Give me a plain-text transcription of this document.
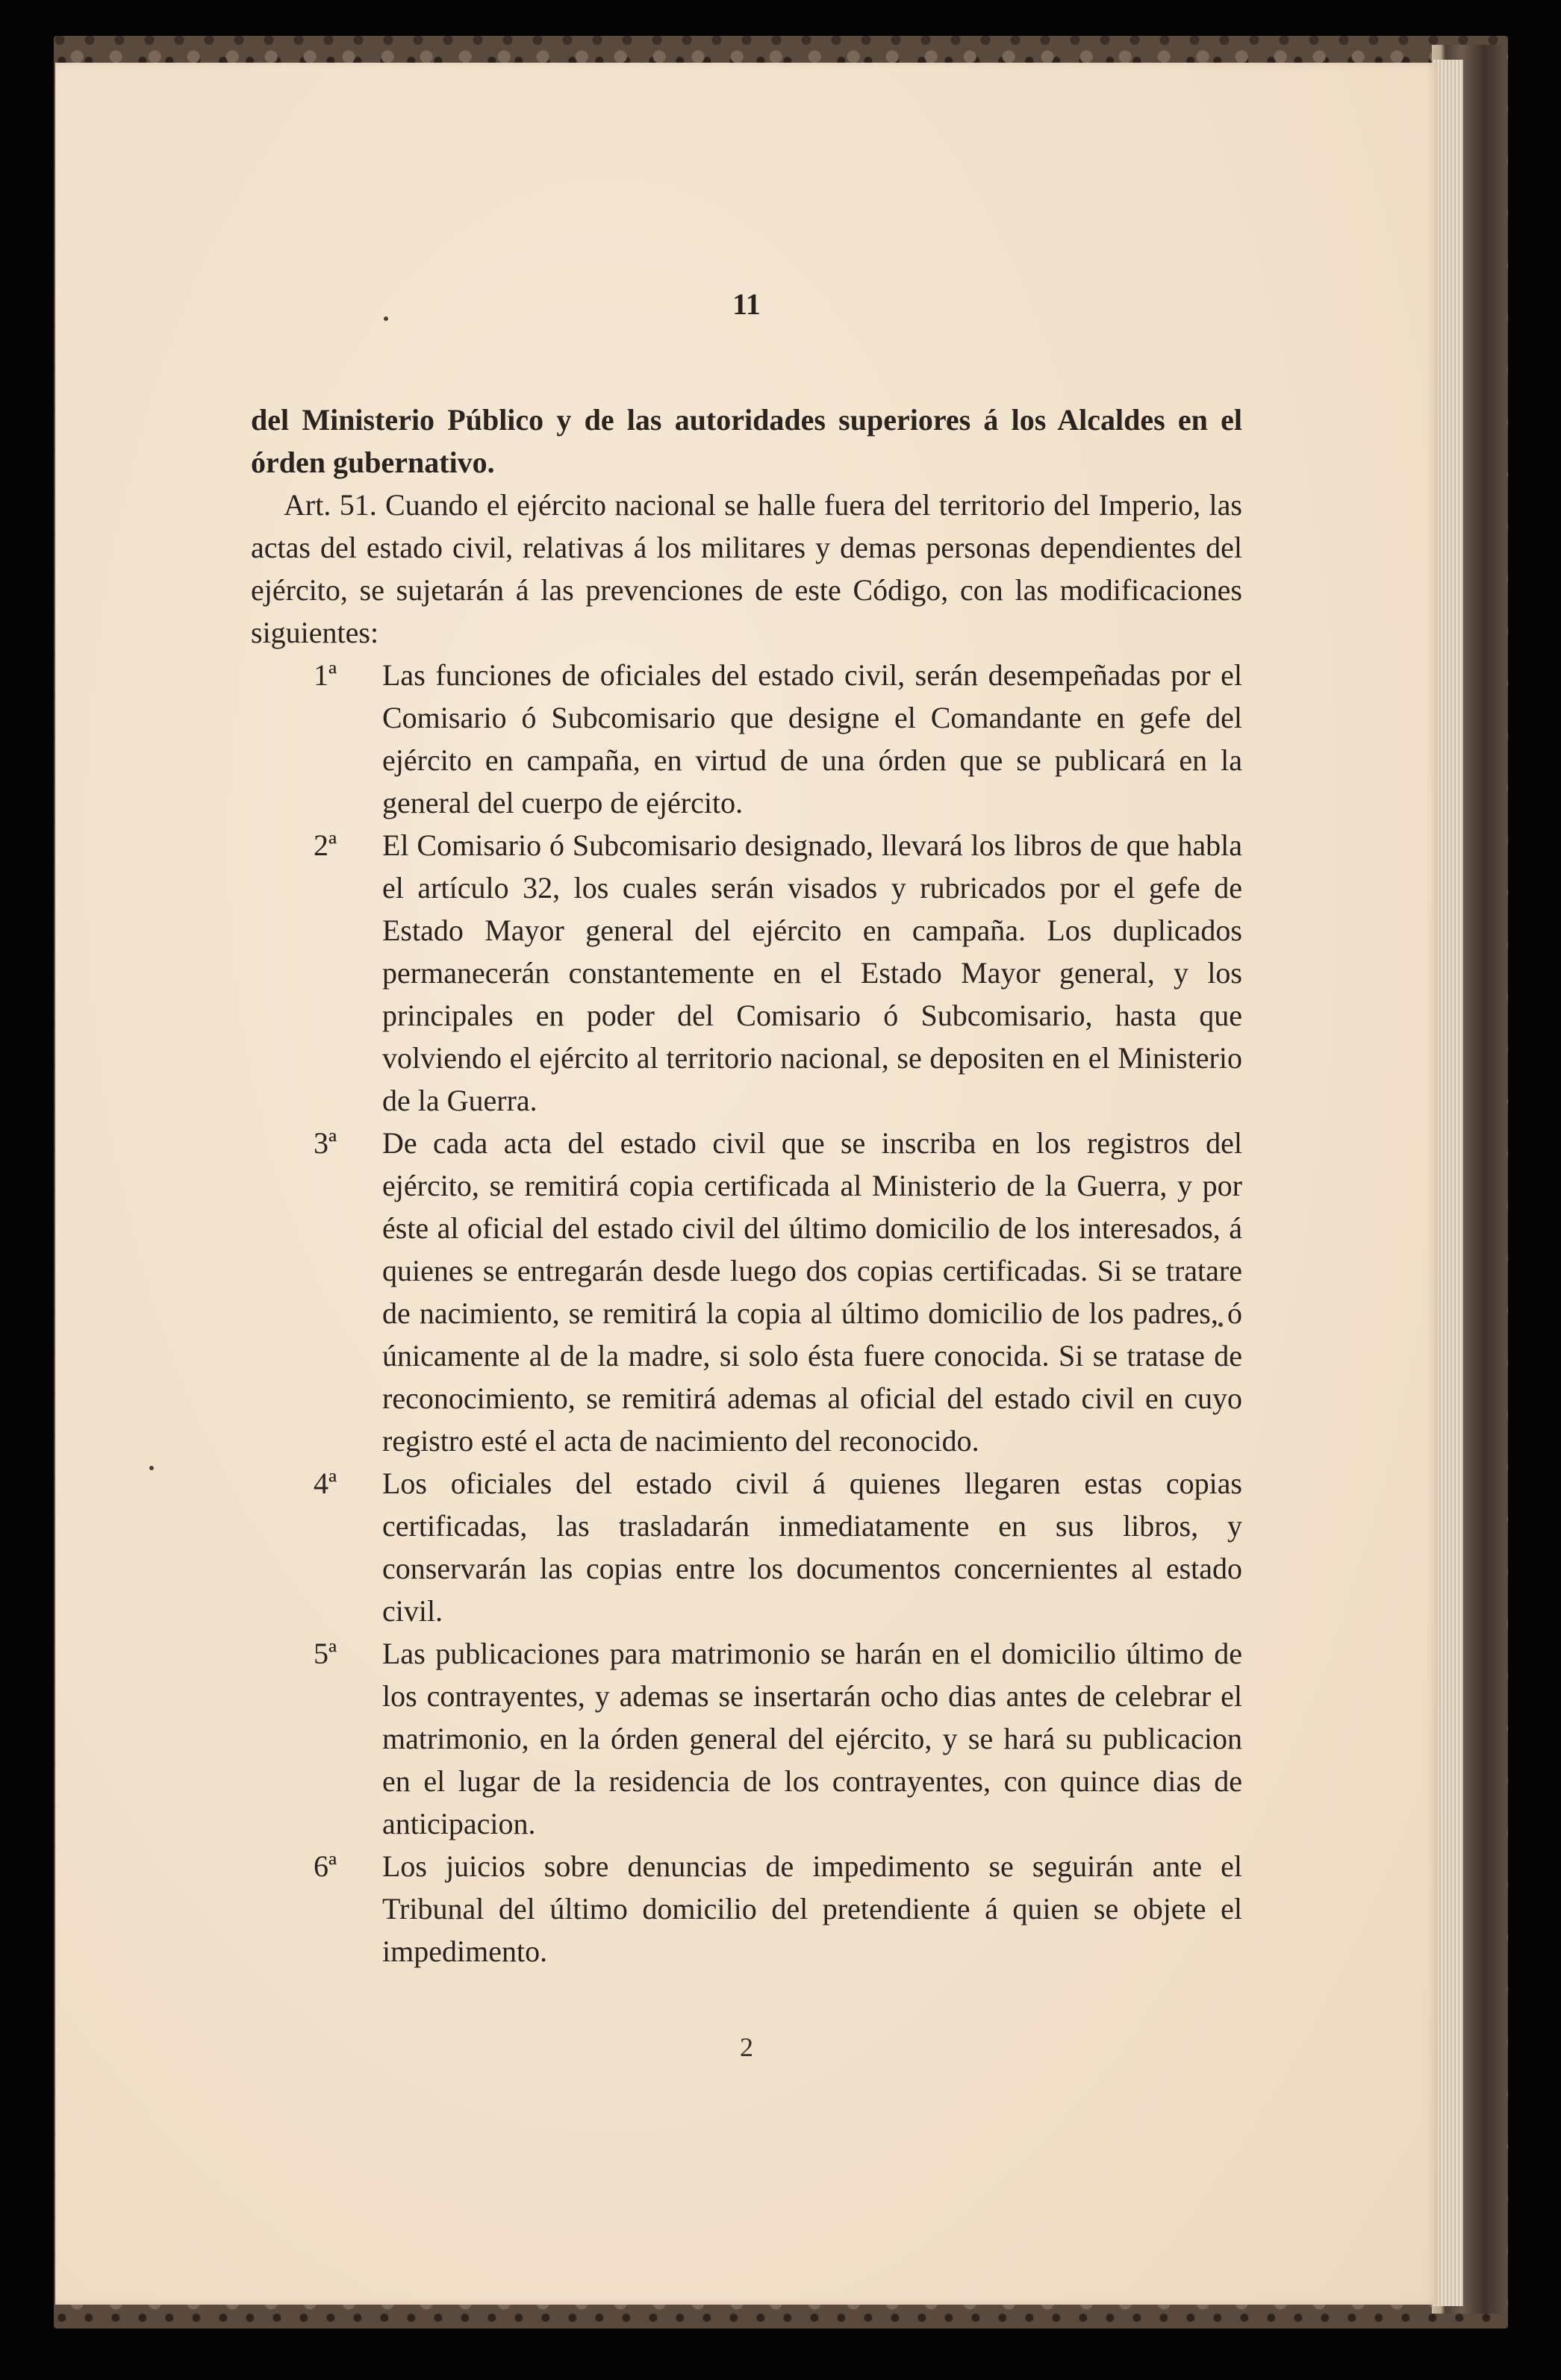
11

del Ministerio Público y de las autoridades superiores á los Alcaldes en el órden gubernativo.

Art. 51. Cuando el ejército nacional se halle fuera del territorio del Imperio, las actas del estado civil, relativas á los militares y demas personas dependientes del ejército, se sujetarán á las prevenciones de este Código, con las modificaciones siguientes:

1ª	Las funciones de oficiales del estado civil, serán desempeñadas por el Comisario ó Subcomisario que designe el Comandante en gefe del ejército en campaña, en virtud de una órden que se publicará en la general del cuerpo de ejército.
2ª	El Comisario ó Subcomisario designado, llevará los libros de que habla el artículo 32, los cuales serán visados y rubricados por el gefe de Estado Mayor general del ejército en campaña. Los duplicados permanecerán constantemente en el Estado Mayor general, y los principales en poder del Comisario ó Subcomisario, hasta que volviendo el ejército al territorio nacional, se depositen en el Ministerio de la Guerra.
3ª	De cada acta del estado civil que se inscriba en los registros del ejército, se remitirá copia certificada al Ministerio de la Guerra, y por éste al oficial del estado civil del último domicilio de los interesados, á quienes se entregarán desde luego dos copias certificadas. Si se tratare de nacimiento, se remitirá la copia al último domicilio de los padres, ó únicamente al de la madre, si solo ésta fuere conocida. Si se tratase de reconocimiento, se remitirá ademas al oficial del estado civil en cuyo registro esté el acta de nacimiento del reconocido.
4ª	Los oficiales del estado civil á quienes llegaren estas copias certificadas, las trasladarán inmediatamente en sus libros, y conservarán las copias entre los documentos concernientes al estado civil.
5ª	Las publicaciones para matrimonio se harán en el domicilio último de los contrayentes, y ademas se insertarán ocho dias antes de celebrar el matrimonio, en la órden general del ejército, y se hará su publicacion en el lugar de la residencia de los contrayentes, con quince dias de anticipacion.
6ª	Los juicios sobre denuncias de impedimento se seguirán ante el Tribunal del último domicilio del pretendiente á quien se objete el impedimento.
2
